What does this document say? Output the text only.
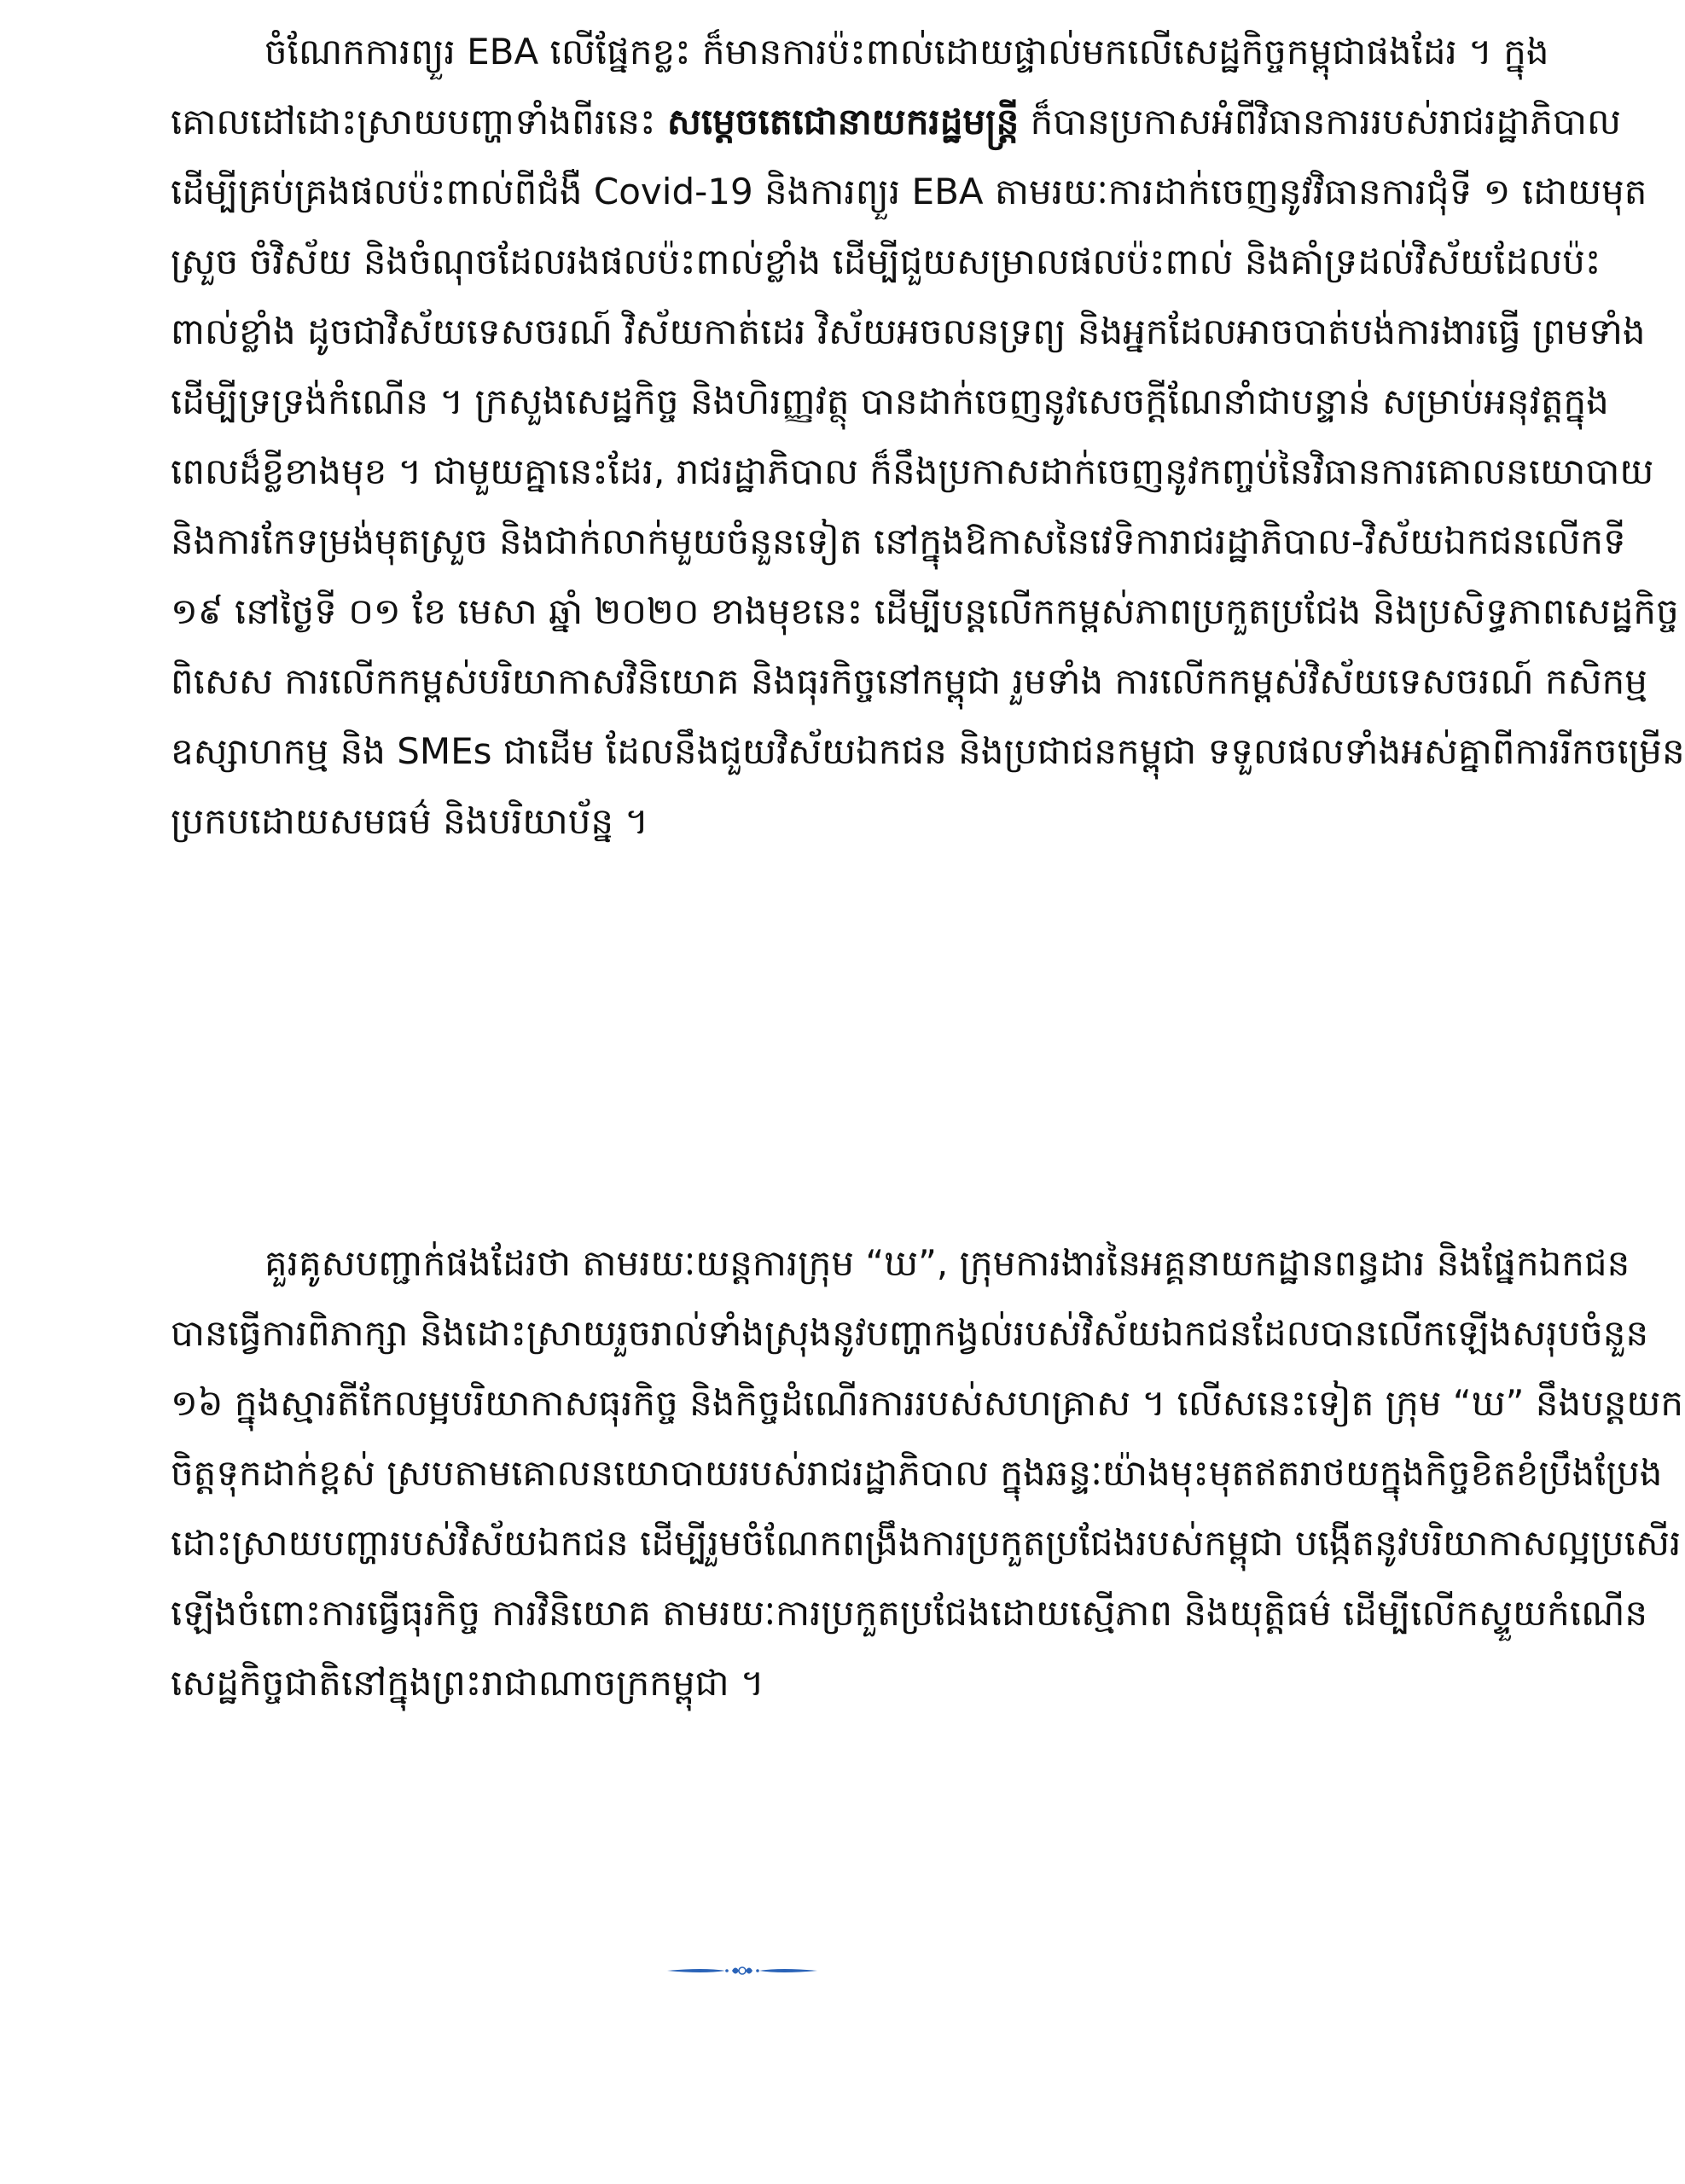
ចំណែកការព្យួរ EBA លើផ្នែកខ្លះ ក៏មានការប៉ះពាល់ដោយផ្ទាល់មកលើសេដ្ឋកិច្ចកម្ពុជាផងដែរ ។ ក្នុង
គោលដៅដោះស្រាយបញ្ហាទាំងពីរនេះ សម្តេចតេជោនាយករដ្ឋមន្ត្រី ក៏បានប្រកាសអំពីវិធានការរបស់រាជរដ្ឋាភិបាល
ដើម្បីគ្រប់គ្រងផលប៉ះពាល់ពីជំងឺ Covid-19 និងការព្យួរ EBA តាមរយៈការដាក់ចេញនូវវិធានការជុំទី ១ ដោយមុត
ស្រួច ចំវិស័យ និងចំណុចដែលរងផលប៉ះពាល់ខ្លាំង ដើម្បីជួយសម្រាលផលប៉ះពាល់ និងគាំទ្រដល់វិស័យដែលប៉ះ
ពាល់ខ្លាំង ដូចជាវិស័យទេសចរណ៍ វិស័យកាត់ដេរ វិស័យអចលនទ្រព្យ និងអ្នកដែលអាចបាត់បង់ការងារធ្វើ ព្រមទាំង
ដើម្បីទ្រទ្រង់កំណើន ។ ក្រសួងសេដ្ឋកិច្ច និងហិរញ្ញវត្ថុ បានដាក់ចេញនូវសេចក្តីណែនាំជាបន្ទាន់ សម្រាប់អនុវត្តក្នុង
ពេលដ៏ខ្លីខាងមុខ ។ ជាមួយគ្នានេះដែរ, រាជរដ្ឋាភិបាល ក៏នឹងប្រកាសដាក់ចេញនូវកញ្ចប់នៃវិធានការគោលនយោបាយ
និងការកែទម្រង់មុតស្រួច និងជាក់លាក់មួយចំនួនទៀត នៅក្នុងឱកាសនៃវេទិការាជរដ្ឋាភិបាល-វិស័យឯកជនលើកទី
១៩ នៅថ្ងៃទី ០១ ខែ មេសា ឆ្នាំ ២០២០ ខាងមុខនេះ ដើម្បីបន្តលើកកម្ពស់ភាពប្រកួតប្រជែង និងប្រសិទ្ធភាពសេដ្ឋកិច្ច
ពិសេស ការលើកកម្ពស់បរិយាកាសវិនិយោគ និងធុរកិច្ចនៅកម្ពុជា រួមទាំង ការលើកកម្ពស់វិស័យទេសចរណ៍ កសិកម្ម
ឧស្សាហកម្ម និង SMEs ជាដើម ដែលនឹងជួយវិស័យឯកជន និងប្រជាជនកម្ពុជា ទទួលផលទាំងអស់គ្នាពីការរីកចម្រើន
ប្រកបដោយសមធម៌ និងបរិយាប័ន្ន ។
គួរគូសបញ្ជាក់ផងដែរថា តាមរយៈយន្តការក្រុម “ឃ”, ក្រុមការងារនៃអគ្គនាយកដ្ឋានពន្ធដារ និងផ្នែកឯកជន
បានធ្វើការពិភាក្សា និងដោះស្រាយរួចរាល់ទាំងស្រុងនូវបញ្ហាកង្វល់របស់វិស័យឯកជនដែលបានលើកឡើងសរុបចំនួន
១៦ ក្នុងស្មារតីកែលម្អបរិយាកាសធុរកិច្ច និងកិច្ចដំណើរការរបស់សហគ្រាស ។ លើសនេះទៀត ក្រុម “ឃ” នឹងបន្តយក
ចិត្តទុកដាក់ខ្ពស់ ស្របតាមគោលនយោបាយរបស់រាជរដ្ឋាភិបាល ក្នុងឆន្ទៈយ៉ាងមុះមុតឥតរាថយក្នុងកិច្ចខិតខំប្រឹងប្រែង
ដោះស្រាយបញ្ហារបស់វិស័យឯកជន ដើម្បីរួមចំណែកពង្រឹងការប្រកួតប្រជែងរបស់កម្ពុជា បង្កើតនូវបរិយាកាសល្អប្រសើរ
ឡើងចំពោះការធ្វើធុរកិច្ច ការវិនិយោគ តាមរយៈការប្រកួតប្រជែងដោយស្មើភាព និងយុត្តិធម៌ ដើម្បីលើកស្ទួយកំណើន
សេដ្ឋកិច្ចជាតិនៅក្នុងព្រះរាជាណាចក្រកម្ពុជា ។
